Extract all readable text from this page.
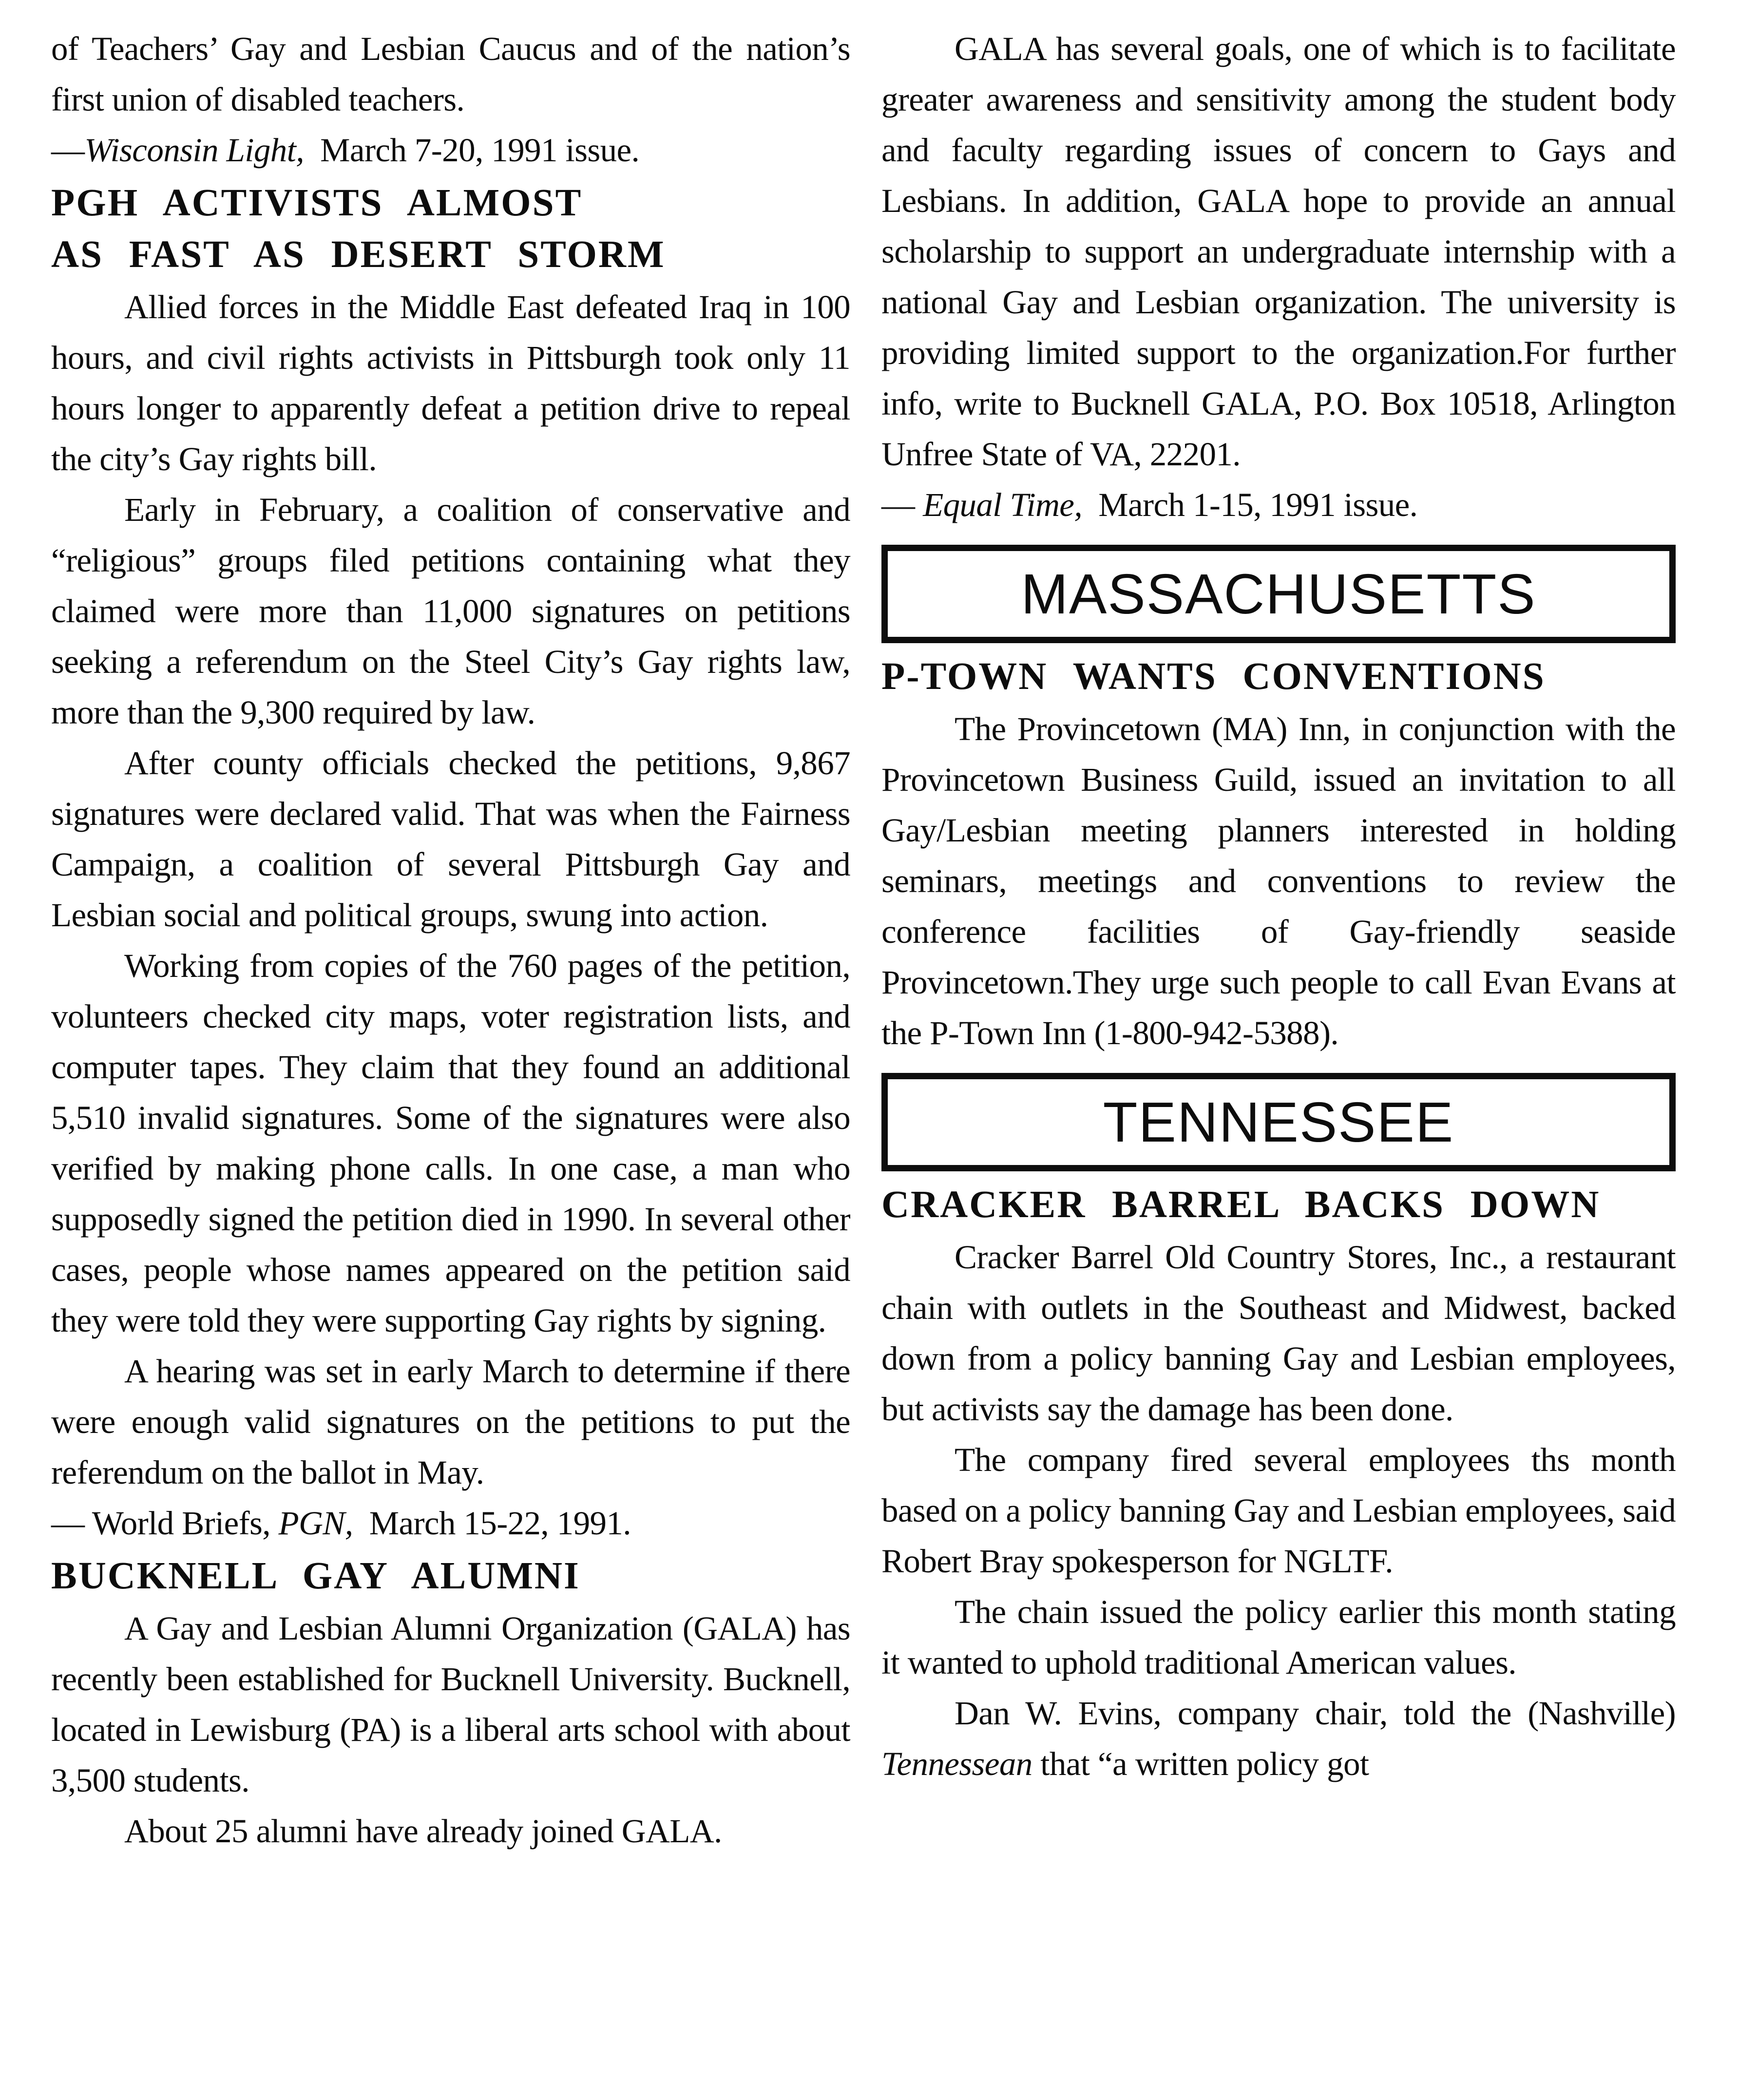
of Teachers’ Gay and Lesbian Caucus and of the nation’s first union of disabled teachers.

—Wisconsin Light,  March 7-20, 1991 issue.

PGH ACTIVISTS ALMOST
AS FAST AS DESERT STORM

Allied forces in the Middle East defeated Iraq in 100 hours, and civil rights activists in Pittsburgh took only 11 hours longer to apparently defeat a petition drive to repeal the city’s Gay rights bill.

Early in February, a coalition of conservative and “religious” groups filed petitions containing what they claimed were more than 11,000 signatures on petitions seeking a referendum on the Steel City’s Gay rights law, more than the 9,300 required by law.

After county officials checked the petitions, 9,867 signatures were declared valid. That was when the Fairness Campaign, a coalition of several Pittsburgh Gay and Lesbian social and political groups, swung into action.

Working from copies of the 760 pages of the petition, volunteers checked city maps, voter registration lists, and computer tapes. They claim that they found an additional 5,510 invalid signatures. Some of the signatures were also verified by making phone calls. In one case, a man who supposedly signed the petition died in 1990. In several other cases, people whose names appeared on the petition said they were told they were supporting Gay rights by signing.

A hearing was set in early March to determine if there were enough valid signatures on the petitions to put the referendum on the ballot in May.

— World Briefs, PGN,  March 15-22, 1991.

BUCKNELL GAY ALUMNI

A Gay and Lesbian Alumni Organization (GALA) has recently been established for Bucknell University. Bucknell, located in Lewisburg (PA) is a liberal arts school with about 3,500 students.

About 25 alumni have already joined GALA.

GALA has several goals, one of which is to facilitate greater awareness and sensitivity among the student body and faculty regarding issues of concern to Gays and Lesbians. In addition, GALA hope to provide an annual scholarship to support an undergraduate internship with a national Gay and Lesbian organization. The university is providing limited support to the organization.For further info, write to Bucknell GALA, P.O. Box 10518, Arlington Unfree State of VA, 22201.

— Equal Time,  March 1-15, 1991 issue.

MASSACHUSETTS
P-TOWN WANTS CONVENTIONS

The Provincetown (MA) Inn, in conjunction with the Provincetown Business Guild, issued an invitation to all Gay/Lesbian meeting planners interested in holding seminars, meetings and conventions to review the conference facilities of Gay-friendly seaside Provincetown.They urge such people to call Evan Evans at the P-Town Inn (1-800-942-5388).

TENNESSEE
CRACKER BARREL BACKS DOWN

Cracker Barrel Old Country Stores, Inc., a restaurant chain with outlets in the Southeast and Midwest, backed down from a policy banning Gay and Lesbian employees, but activists say the damage has been done.

The company fired several employees ths month based on a policy banning Gay and Lesbian employees, said Robert Bray spokesperson for NGLTF.

The chain issued the policy earlier this month stating it wanted to uphold traditional American values.

Dan W. Evins, company chair, told the (Nashville) Tennessean that “a written policy got
